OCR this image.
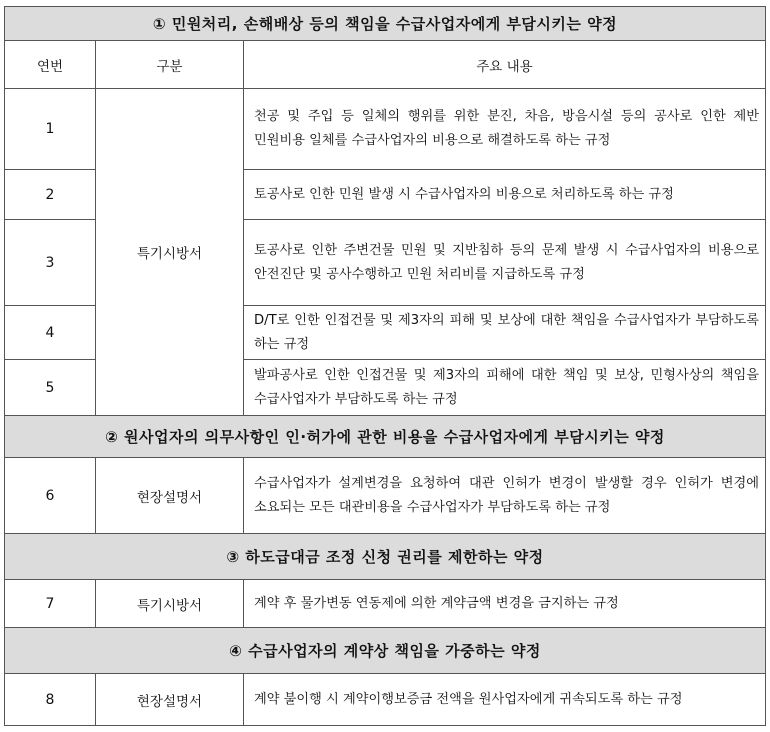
① 민원처리, 손해배상 등의 책임을 수급사업자에게 부담시키는 약정		
연번	구분	주요 내용
1	특기시방서	천공 및 주입 등 일체의 행위를 위한 분진, 차음, 방음시설 등의 공사로 인한 제반 민원비용 일체를 수급사업자의 비용으로 해결하도록 하는 규정
2		토공사로 인한 민원 발생 시 수급사업자의 비용으로 처리하도록 하는 규정
3		토공사로 인한 주변건물 민원 및 지반침하 등의 문제 발생 시 수급사업자의 비용으로 안전진단 및 공사수행하고 민원 처리비를 지급하도록 규정
4		D/T로 인한 인접건물 및 제3자의 피해 및 보상에 대한 책임을 수급사업자가 부담하도록 하는 규정
5		발파공사로 인한 인접건물 및 제3자의 피해에 대한 책임 및 보상, 민형사상의 책임을 수급사업자가 부담하도록 하는 규정
② 원사업자의 의무사항인 인·허가에 관한 비용을 수급사업자에게 부담시키는 약정		
6	현장설명서	수급사업자가 설계변경을 요청하여 대관 인허가 변경이 발생할 경우 인허가 변경에 소요되는 모든 대관비용을 수급사업자가 부담하도록 하는 규정
③ 하도급대금 조정 신청 권리를 제한하는 약정		
7	특기시방서	계약 후 물가변동 연동제에 의한 계약금액 변경을 금지하는 규정
④ 수급사업자의 계약상 책임을 가중하는 약정		
8	현장설명서	계약 불이행 시 계약이행보증금 전액을 원사업자에게 귀속되도록 하는 규정
